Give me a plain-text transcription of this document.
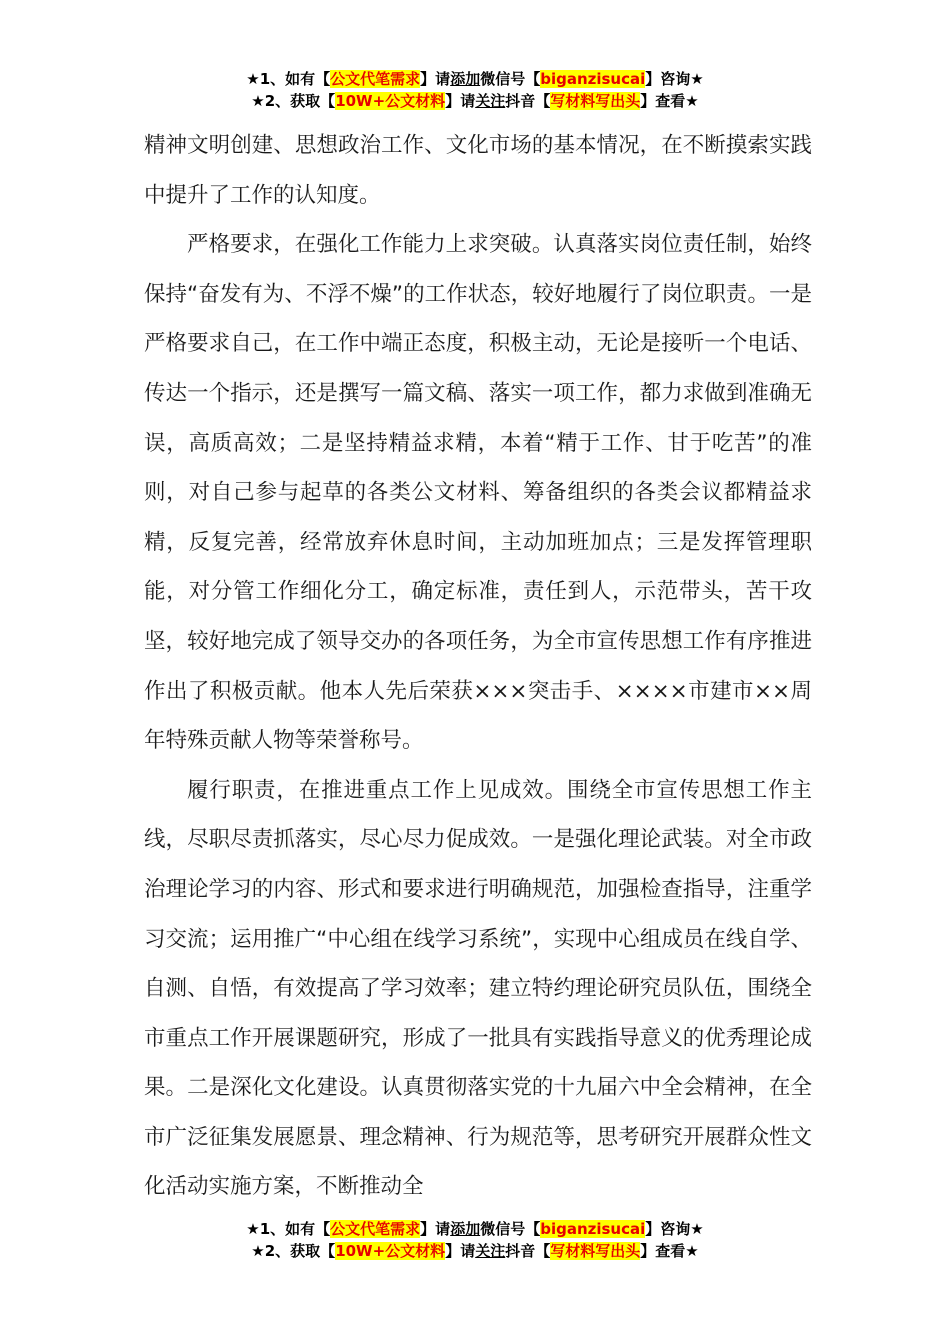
★1、如有【公文代笔需求】请添加微信号【biganzisucai】咨询★
★2、获取【10W+公文材料】请关注抖音【写材料写出头】查看★

精神文明创建、思想政治工作、文化市场的基本情况，在不断摸索实践中提升了工作的认知度。

严格要求，在强化工作能力上求突破。认真落实岗位责任制，始终保持“奋发有为、不浮不燥”的工作状态，较好地履行了岗位职责。一是严格要求自己，在工作中端正态度，积极主动，无论是接听一个电话、传达一个指示，还是撰写一篇文稿、落实一项工作，都力求做到准确无误，高质高效；二是坚持精益求精，本着“精于工作、甘于吃苦”的准则，对自己参与起草的各类公文材料、筹备组织的各类会议都精益求精，反复完善，经常放弃休息时间，主动加班加点；三是发挥管理职能，对分管工作细化分工，确定标准，责任到人，示范带头，苦干攻坚，较好地完成了领导交办的各项任务，为全市宣传思想工作有序推进作出了积极贡献。他本人先后荣获×××突击手、××××市建市××周年特殊贡献人物等荣誉称号。

履行职责，在推进重点工作上见成效。围绕全市宣传思想工作主线，尽职尽责抓落实，尽心尽力促成效。一是强化理论武装。对全市政治理论学习的内容、形式和要求进行明确规范，加强检查指导，注重学习交流；运用推广“中心组在线学习系统”，实现中心组成员在线自学、自测、自悟，有效提高了学习效率；建立特约理论研究员队伍，围绕全市重点工作开展课题研究，形成了一批具有实践指导意义的优秀理论成果。二是深化文化建设。认真贯彻落实党的十九届六中全会精神，在全市广泛征集发展愿景、理念精神、行为规范等，思考研究开展群众性文化活动实施方案，不断推动全

★1、如有【公文代笔需求】请添加微信号【biganzisucai】咨询★
★2、获取【10W+公文材料】请关注抖音【写材料写出头】查看★
